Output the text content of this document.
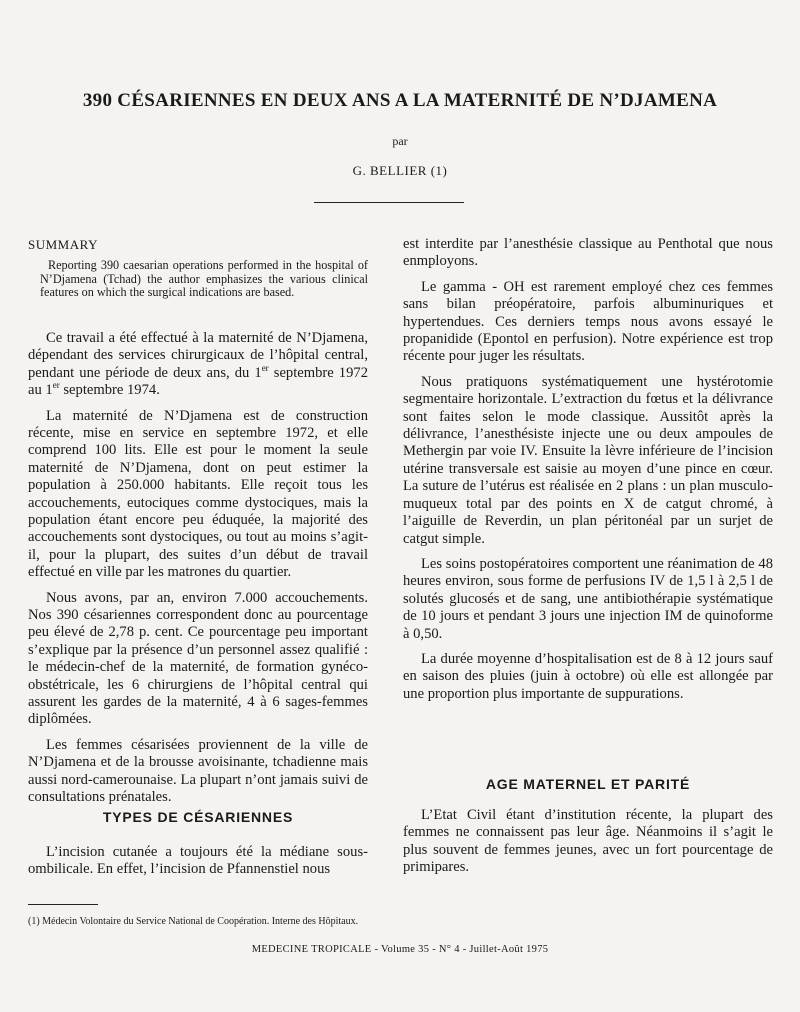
390 CÉSARIENNES EN DEUX ANS A LA MATERNITÉ DE N’DJAMENA
par
G. BELLIER (1)
SUMMARY

Reporting 390 caesarian operations performed in the hospital of N’Djamena (Tchad) the author emphasizes the various clinical features on which the surgical indications are based.

Ce travail a été effectué à la maternité de N’Djamena, dépendant des services chirurgicaux de l’hôpital central, pendant une période de deux ans, du 1er septembre 1972 au 1er septembre 1974.

La maternité de N’Djamena est de construction récente, mise en service en septembre 1972, et elle comprend 100 lits. Elle est pour le moment la seule maternité de N’Djamena, dont on peut estimer la population à 250.000 habitants. Elle reçoit tous les accouchements, eutociques comme dystociques, mais la population étant encore peu éduquée, la majorité des accouchements sont dystociques, ou tout au moins s’agit-il, pour la plupart, des suites d’un début de travail effectué en ville par les matrones du quartier.

Nous avons, par an, environ 7.000 accouchements. Nos 390 césariennes correspondent donc au pourcentage peu élevé de 2,78 p. cent. Ce pourcentage peu important s’explique par la présence d’un personnel assez qualifié : le médecin-chef de la maternité, de formation gynéco-obstétricale, les 6 chirurgiens de l’hôpital central qui assurent les gardes de la maternité, 4 à 6 sages-femmes diplômées.

Les femmes césarisées proviennent de la ville de N’Djamena et de la brousse avoisinante, tchadienne mais aussi nord-camerounaise. La plupart n’ont jamais suivi de consultations prénatales.

TYPES DE CÉSARIENNES

L’incision cutanée a toujours été la médiane sous-ombilicale. En effet, l’incision de Pfannenstiel nous

est interdite par l’anesthésie classique au Penthotal que nous enmployons.

Le gamma - OH est rarement employé chez ces femmes sans bilan préopératoire, parfois albuminuriques et hypertendues. Ces derniers temps nous avons essayé le propanidide (Epontol en perfusion). Notre expérience est trop récente pour juger les résultats.

Nous pratiquons systématiquement une hystérotomie segmentaire horizontale. L’extraction du fœtus et la délivrance sont faites selon le mode classique. Aussitôt après la délivrance, l’anesthésiste injecte une ou deux ampoules de Methergin par voie IV. Ensuite la lèvre inférieure de l’incision utérine transversale est saisie au moyen d’une pince en cœur. La suture de l’utérus est réalisée en 2 plans : un plan musculo-muqueux total par des points en X de catgut chromé, à l’aiguille de Reverdin, un plan péritonéal par un surjet de catgut simple.

Les soins postopératoires comportent une réanimation de 48 heures environ, sous forme de perfusions IV de 1,5 l à 2,5 l de solutés glucosés et de sang, une antibiothérapie systématique de 10 jours et pendant 3 jours une injection IM de quinoforme à 0,50.

La durée moyenne d’hospitalisation est de 8 à 12 jours sauf en saison des pluies (juin à octobre) où elle est allongée par une proportion plus importante de suppurations.

AGE MATERNEL ET PARITÉ

L’Etat Civil étant d’institution récente, la plupart des femmes ne connaissent pas leur âge. Néanmoins il s’agit le plus souvent de femmes jeunes, avec un fort pourcentage de primipares.

(1) Médecin Volontaire du Service National de Coopération. Interne des Hôpitaux.
MEDECINE TROPICALE - Volume 35 - N° 4 - Juillet-Août 1975
